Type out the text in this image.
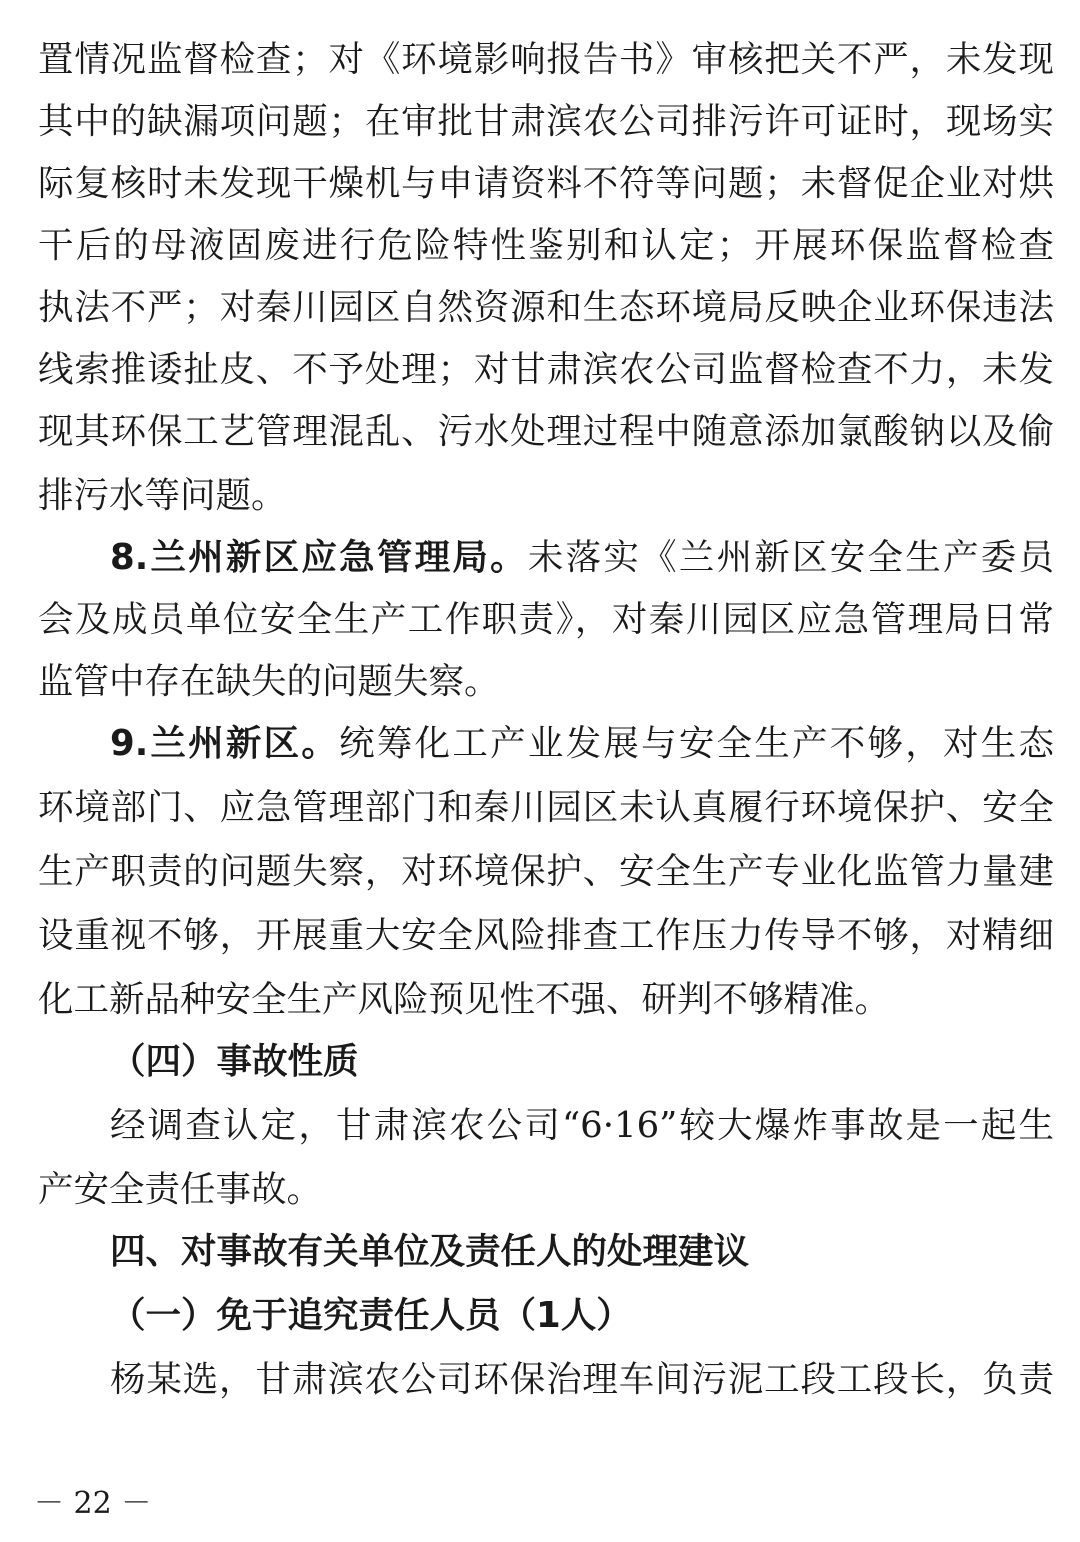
置情况监督检查；对《环境影响报告书》审核把关不严，未发现
其中的缺漏项问题；在审批甘肃滨农公司排污许可证时，现场实
际复核时未发现干燥机与申请资料不符等问题；未督促企业对烘
干后的母液固废进行危险特性鉴别和认定；开展环保监督检查
执法不严；对秦川园区自然资源和生态环境局反映企业环保违法
线索推诿扯皮、不予处理；对甘肃滨农公司监督检查不力，未发
现其环保工艺管理混乱、污水处理过程中随意添加氯酸钠以及偷
排污水等问题。
8.兰州新区应急管理局。未落实《兰州新区安全生产委员
会及成员单位安全生产工作职责》，对秦川园区应急管理局日常
监管中存在缺失的问题失察。
9.兰州新区。统筹化工产业发展与安全生产不够，对生态
环境部门、应急管理部门和秦川园区未认真履行环境保护、安全
生产职责的问题失察，对环境保护、安全生产专业化监管力量建
设重视不够，开展重大安全风险排查工作压力传导不够，对精细
化工新品种安全生产风险预见性不强、研判不够精准。
（四）事故性质
经调查认定，甘肃滨农公司“6·16”较大爆炸事故是一起生
产安全责任事故。
四、对事故有关单位及责任人的处理建议
（一）免于追究责任人员（1人）
杨某选，甘肃滨农公司环保治理车间污泥工段工段长，负责
－ 22 －
